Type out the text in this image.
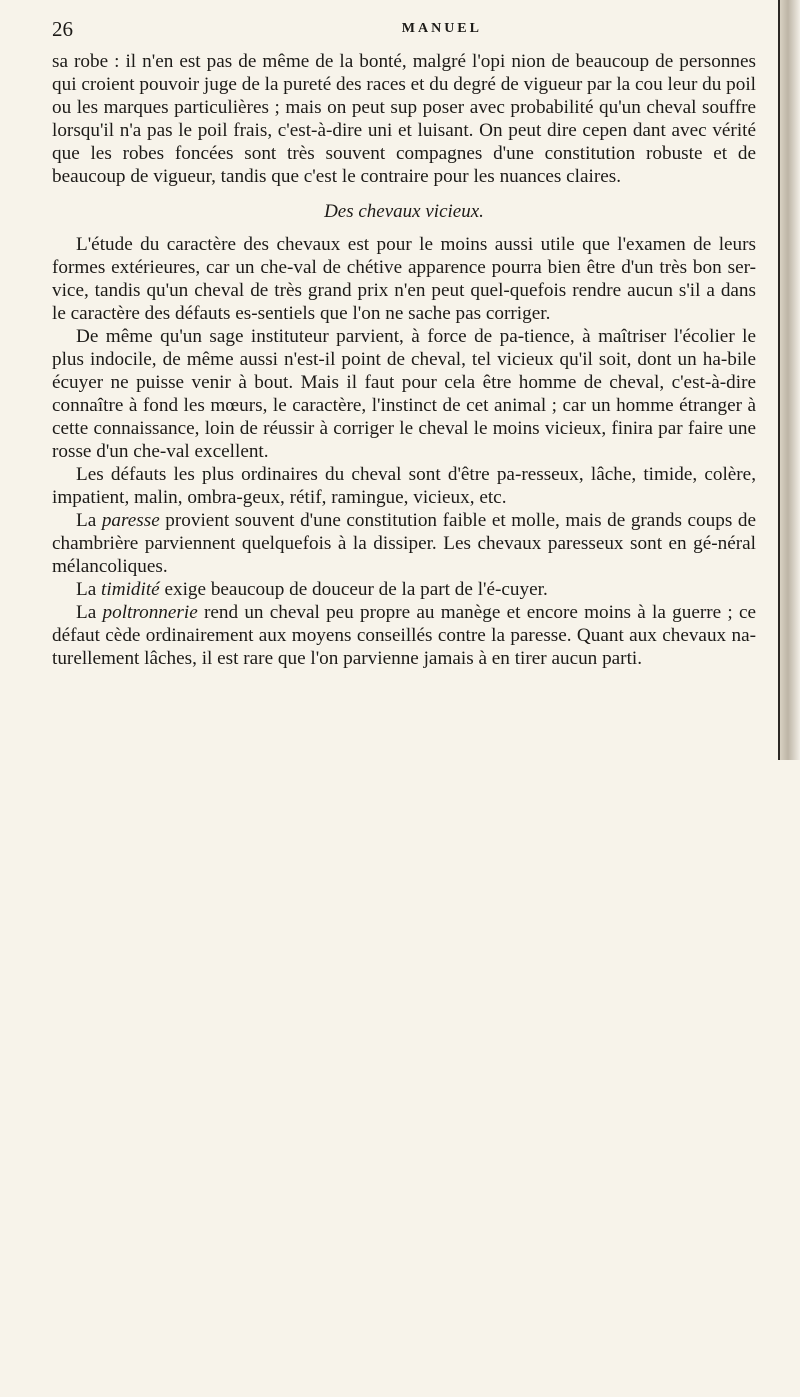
26	MANUEL

sa robe : il n'en est pas de même de la bonté, malgré l'opi nion de beaucoup de personnes qui croient pouvoir juge de la pureté des races et du degré de vigueur par la cou leur du poil ou les marques particulières ; mais on peut sup poser avec probabilité qu'un cheval souffre lorsqu'il n'a pas le poil frais, c'est-à-dire uni et luisant. On peut dire cepen dant avec vérité que les robes foncées sont très souvent compagnes d'une constitution robuste et de beaucoup de vigueur, tandis que c'est le contraire pour les nuances claires.

Des chevaux vicieux.

L'étude du caractère des chevaux est pour le moins aussi utile que l'examen de leurs formes extérieures, car un che-val de chétive apparence pourra bien être d'un très bon ser-vice, tandis qu'un cheval de très grand prix n'en peut quel-quefois rendre aucun s'il a dans le caractère des défauts es-sentiels que l'on ne sache pas corriger.

De même qu'un sage instituteur parvient, à force de pa-tience, à maîtriser l'écolier le plus indocile, de même aussi n'est-il point de cheval, tel vicieux qu'il soit, dont un ha-bile écuyer ne puisse venir à bout. Mais il faut pour cela être homme de cheval, c'est-à-dire connaître à fond les mœurs, le caractère, l'instinct de cet animal ; car un homme étranger à cette connaissance, loin de réussir à corriger le cheval le moins vicieux, finira par faire une rosse d'un che-val excellent.

Les défauts les plus ordinaires du cheval sont d'être pa-resseux, lâche, timide, colère, impatient, malin, ombra-geux, rétif, ramingue, vicieux, etc.

La paresse provient souvent d'une constitution faible et molle, mais de grands coups de chambrière parviennent quelquefois à la dissiper. Les chevaux paresseux sont en gé-néral mélancoliques.

La timidité exige beaucoup de douceur de la part de l'é-cuyer.

La poltronnerie rend un cheval peu propre au manège et encore moins à la guerre ; ce défaut cède ordinairement aux moyens conseillés contre la paresse. Quant aux chevaux na-turellement lâches, il est rare que l'on parvienne jamais à en tirer aucun parti.
